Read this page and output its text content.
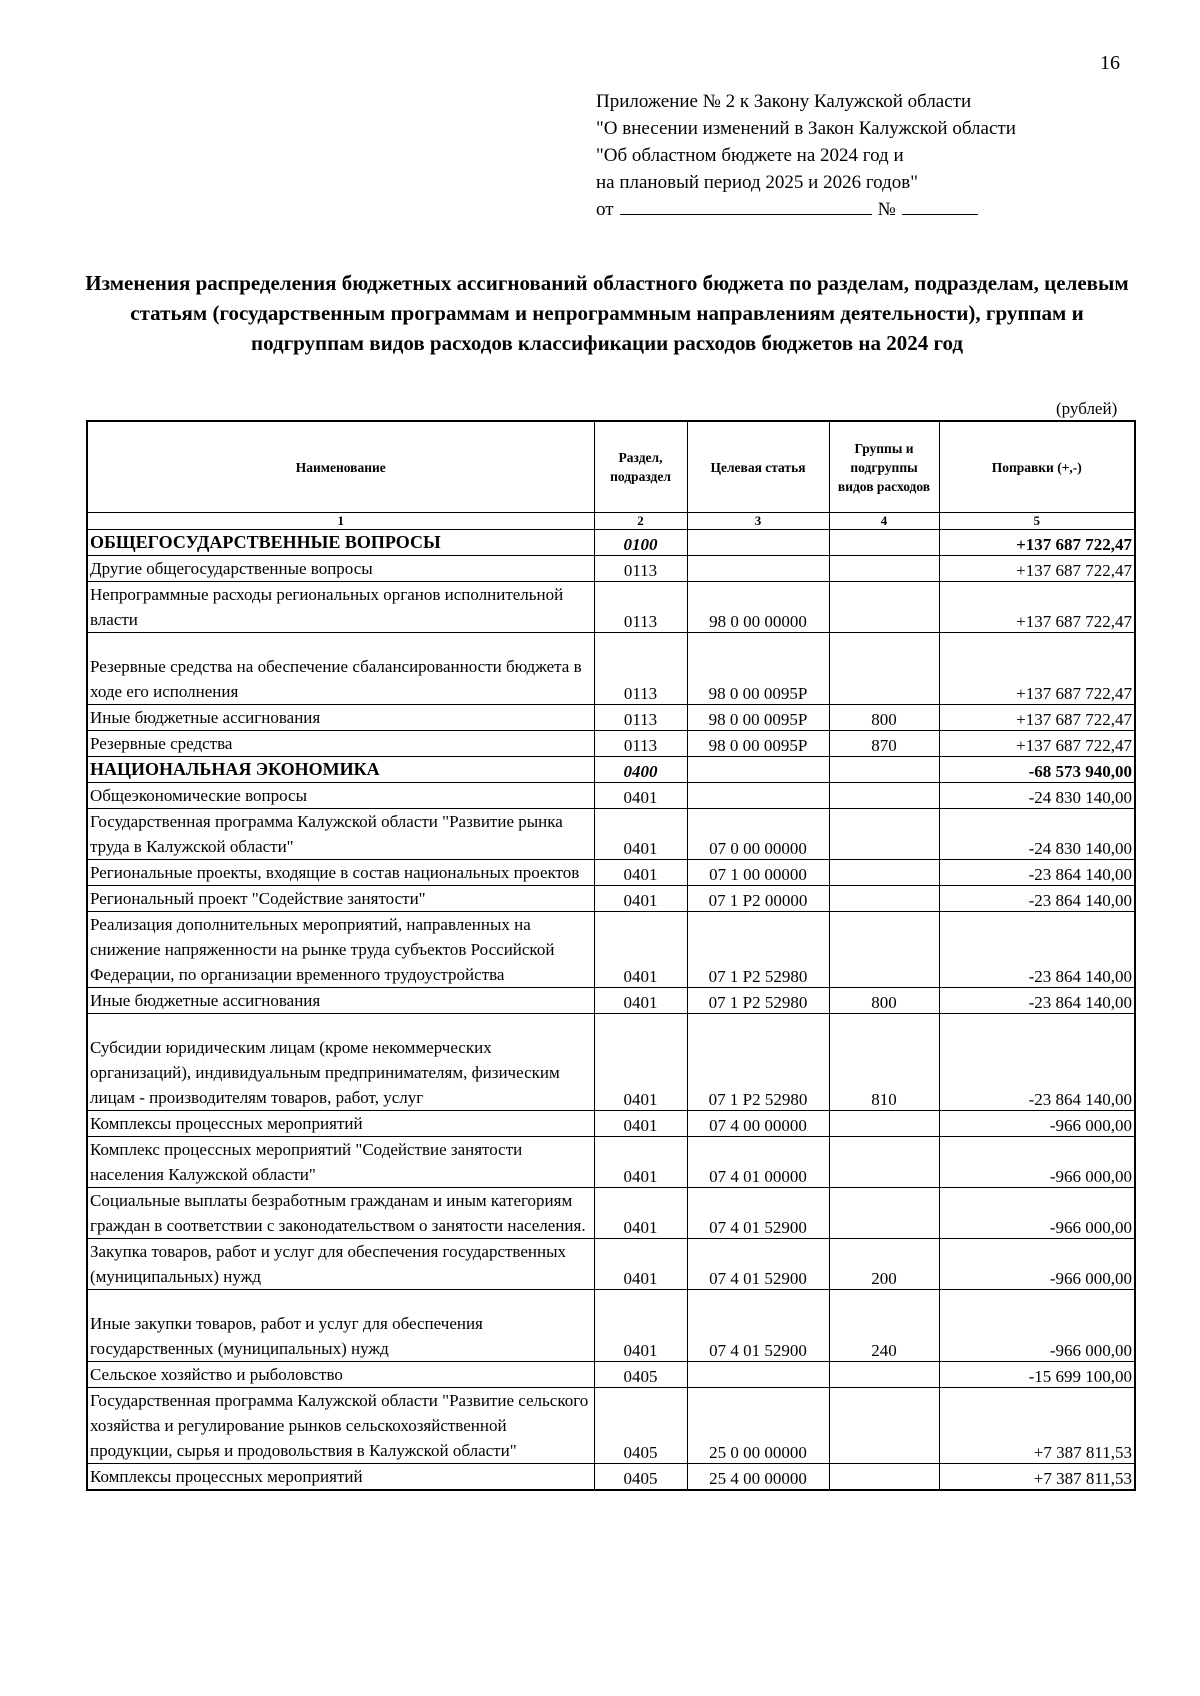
16
Приложение № 2 к Закону Калужской области
"О внесении изменений в Закон Калужской области
"Об областном бюджете на 2024 год и
на плановый период 2025 и 2026 годов"
от	№
Изменения распределения бюджетных ассигнований областного бюджета по разделам, подразделам, целевым статьям (государственным программам и непрограммным направлениям деятельности), группам и подгруппам видов расходов классификации расходов бюджетов на 2024 год
(рублей)
Наименование	Раздел, подраздел	Целевая статья	Группы и подгруппы видов расходов	Поправки (+,-)
1	2	3	4	5
ОБЩЕГОСУДАРСТВЕННЫЕ ВОПРОСЫ	0100			+137 687 722,47
Другие общегосударственные вопросы	0113			+137 687 722,47
Непрограммные расходы региональных органов исполнительной власти	0113	98 0 00 00000		+137 687 722,47
Резервные средства на обеспечение сбалансированности бюджета в ходе его исполнения	0113	98 0 00 0095Р		+137 687 722,47
Иные бюджетные ассигнования	0113	98 0 00 0095Р	800	+137 687 722,47
Резервные средства	0113	98 0 00 0095Р	870	+137 687 722,47
НАЦИОНАЛЬНАЯ ЭКОНОМИКА	0400			-68 573 940,00
Общеэкономические вопросы	0401			-24 830 140,00
Государственная программа Калужской области "Развитие рынка труда в Калужской области"	0401	07 0 00 00000		-24 830 140,00
Региональные проекты, входящие в состав национальных проектов	0401	07 1 00 00000		-23 864 140,00
Региональный проект "Содействие занятости"	0401	07 1 Р2 00000		-23 864 140,00
Реализация дополнительных мероприятий, направленных на снижение напряженности на рынке труда субъектов Российской Федерации, по организации временного трудоустройства	0401	07 1 Р2 52980		-23 864 140,00
Иные бюджетные ассигнования	0401	07 1 Р2 52980	800	-23 864 140,00
Субсидии юридическим лицам (кроме некоммерческих организаций), индивидуальным предпринимателям, физическим лицам - производителям товаров, работ, услуг	0401	07 1 Р2 52980	810	-23 864 140,00
Комплексы процессных мероприятий	0401	07 4 00 00000		-966 000,00
Комплекс процессных мероприятий "Содействие занятости населения Калужской области"	0401	07 4 01 00000		-966 000,00
Социальные выплаты безработным гражданам и иным категориям граждан в соответствии с законодательством о занятости населения.	0401	07 4 01 52900		-966 000,00
Закупка товаров, работ и услуг для обеспечения государственных (муниципальных) нужд	0401	07 4 01 52900	200	-966 000,00
Иные закупки товаров, работ и услуг для обеспечения государственных (муниципальных) нужд	0401	07 4 01 52900	240	-966 000,00
Сельское хозяйство и рыболовство	0405			-15 699 100,00
Государственная программа Калужской области "Развитие сельского хозяйства и регулирование рынков сельскохозяйственной продукции, сырья и продовольствия в Калужской области"	0405	25 0 00 00000		+7 387 811,53
Комплексы процессных мероприятий	0405	25 4 00 00000		+7 387 811,53
